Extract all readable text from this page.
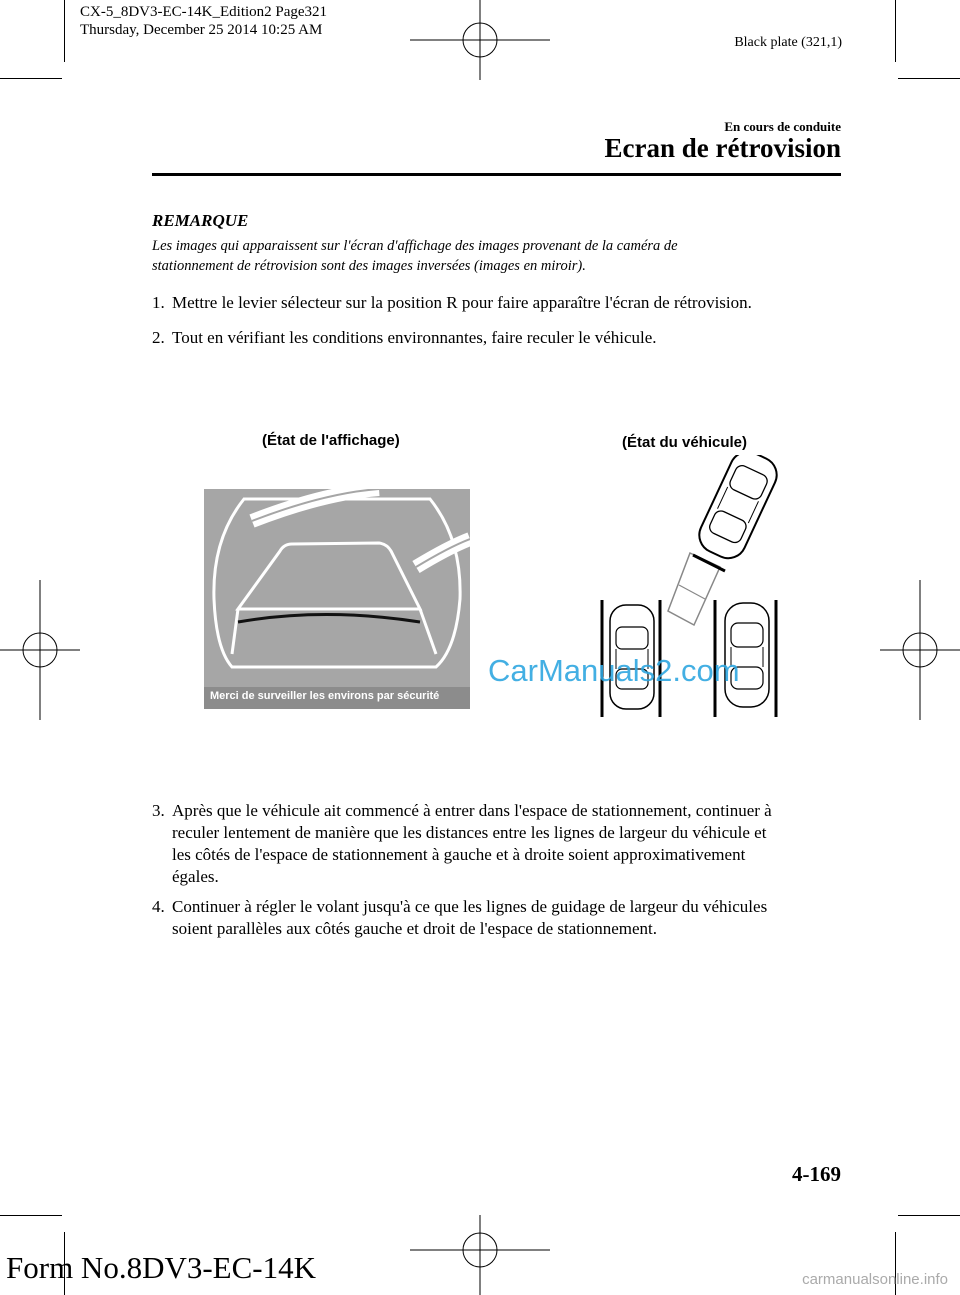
CX-5_8DV3-EC-14K_Edition2 Page321
Thursday, December 25 2014 10:25 AM
Black plate (321,1)
En cours de conduite
Ecran de rétrovision
REMARQUE
Les images qui apparaissent sur l'écran d'affichage des images provenant de la caméra de
stationnement de rétrovision sont des images inversées (images en miroir).
1. Mettre le levier sélecteur sur la position R pour faire apparaître l'écran de rétrovision.
2. Tout en vérifiant les conditions environnantes, faire reculer le véhicule.
(État de l'affichage)	(État du véhicule)
Merci de surveiller les environs par sécurité
CarManuals2.com
3. Après que le véhicule ait commencé à entrer dans l'espace de stationnement, continuer à
reculer lentement de manière que les distances entre les lignes de largeur du véhicule et
les côtés de l'espace de stationnement à gauche et à droite soient approximativement
égales.
4. Continuer à régler le volant jusqu'à ce que les lignes de guidage de largeur du véhicules
soient parallèles aux côtés gauche et droit de l'espace de stationnement.
4-169
Form No.8DV3-EC-14K	carmanualsonline.info
